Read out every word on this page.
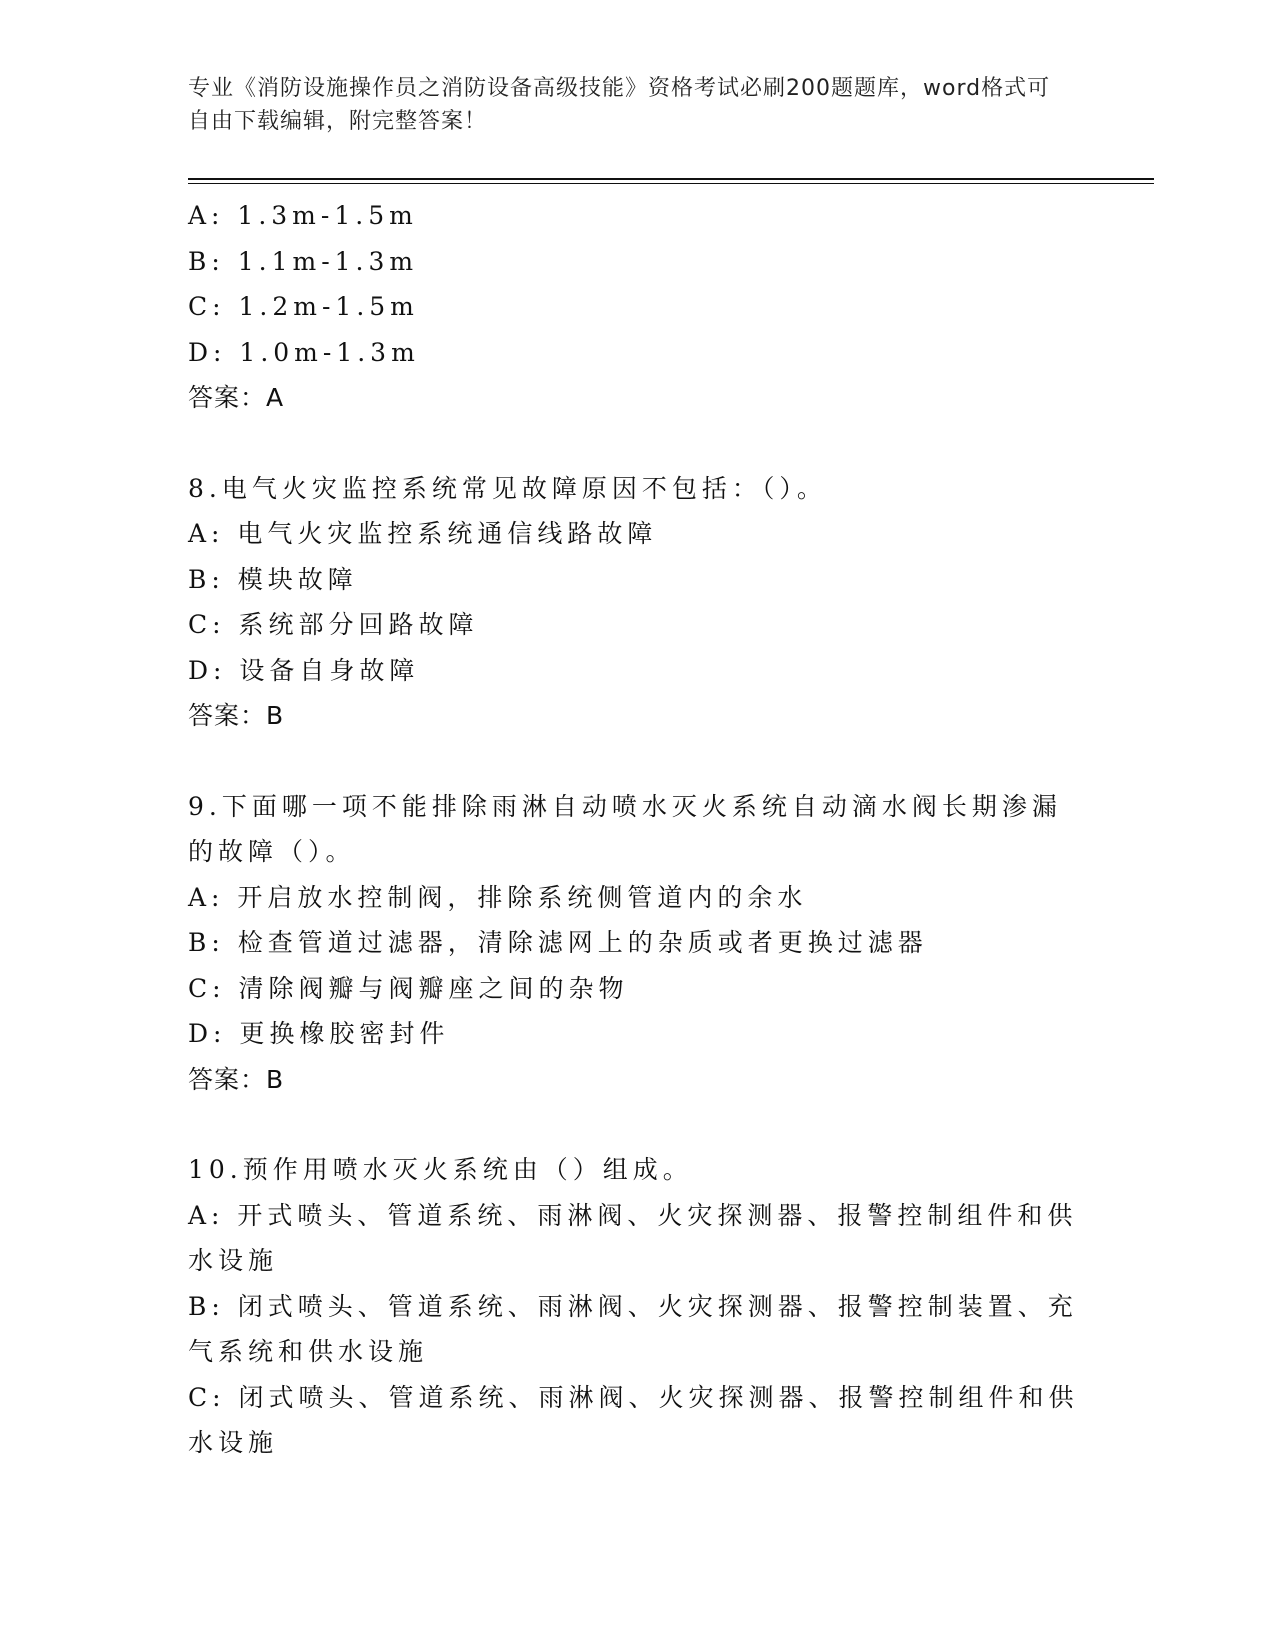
专业《消防设施操作员之消防设备高级技能》资格考试必刷200题题库，word格式可自由下载编辑，附完整答案！
A: 1.3m-1.5m
B: 1.1m-1.3m
C: 1.2m-1.5m
D: 1.0m-1.3m
答案：A
8.电气火灾监控系统常见故障原因不包括：（）。
A: 电气火灾监控系统通信线路故障
B: 模块故障
C: 系统部分回路故障
D: 设备自身故障
答案：B
9.下面哪一项不能排除雨淋自动喷水灭火系统自动滴水阀长期渗漏的故障（）。
A: 开启放水控制阀，排除系统侧管道内的余水
B: 检查管道过滤器，清除滤网上的杂质或者更换过滤器
C: 清除阀瓣与阀瓣座之间的杂物
D: 更换橡胶密封件
答案：B
10.预作用喷水灭火系统由（）组成。
A: 开式喷头、管道系统、雨淋阀、火灾探测器、报警控制组件和供水设施
B: 闭式喷头、管道系统、雨淋阀、火灾探测器、报警控制装置、充气系统和供水设施
C: 闭式喷头、管道系统、雨淋阀、火灾探测器、报警控制组件和供水设施
